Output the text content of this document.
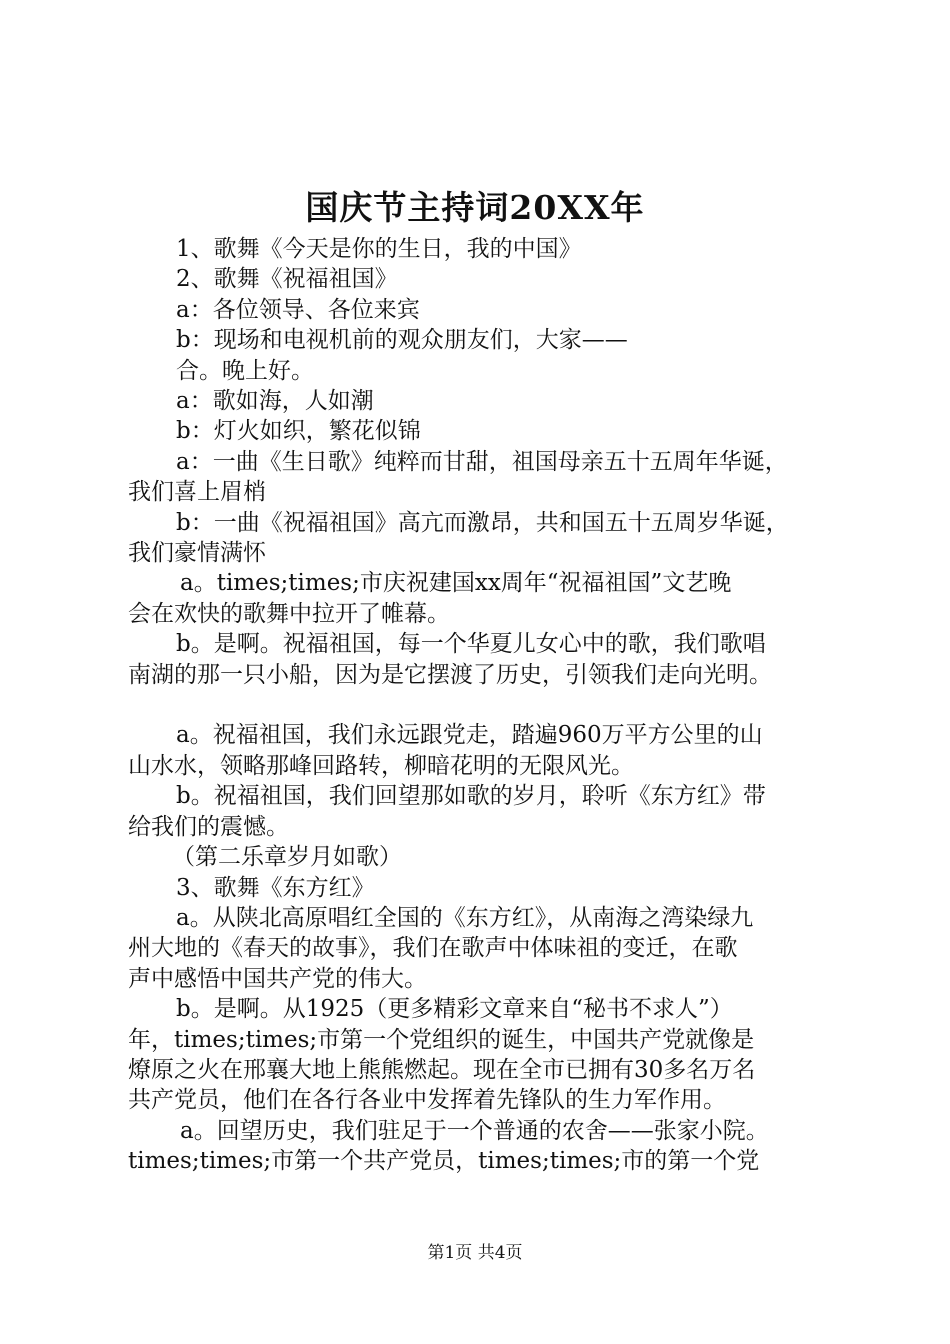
国庆节主持词20XX年

1、歌舞《今天是你的生日，我的中国》

2、歌舞《祝福祖国》

a：各位领导、各位来宾

b：现场和电视机前的观众朋友们，大家——

合。晚上好。

a：歌如海，人如潮

b：灯火如织，繁花似锦

a：一曲《生日歌》纯粹而甘甜，祖国母亲五十五周年华诞，

我们喜上眉梢

b：一曲《祝福祖国》高亢而激昂，共和国五十五周岁华诞，

我们豪情满怀

a。times;times;市庆祝建国xx周年“祝福祖国”文艺晚

会在欢快的歌舞中拉开了帷幕。

b。是啊。祝福祖国，每一个华夏儿女心中的歌，我们歌唱

南湖的那一只小船，因为是它摆渡了历史，引领我们走向光明。

a。祝福祖国，我们永远跟党走，踏遍960万平方公里的山

山水水，领略那峰回路转，柳暗花明的无限风光。

b。祝福祖国，我们回望那如歌的岁月，聆听《东方红》带

给我们的震憾。

（第二乐章岁月如歌）

3、歌舞《东方红》

a。从陕北高原唱红全国的《东方红》，从南海之湾染绿九

州大地的《春天的故事》，我们在歌声中体味祖的变迁，在歌

声中感悟中国共产党的伟大。

b。是啊。从1925（更多精彩文章来自“秘书不求人”）

年，times;times;市第一个党组织的诞生，中国共产党就像是

燎原之火在邢襄大地上熊熊燃起。现在全市已拥有30多名万名

共产党员，他们在各行各业中发挥着先锋队的生力军作用。

a。回望历史，我们驻足于一个普通的农舍——张家小院。

times;times;市第一个共产党员，times;times;市的第一个党

第1页 共4页
